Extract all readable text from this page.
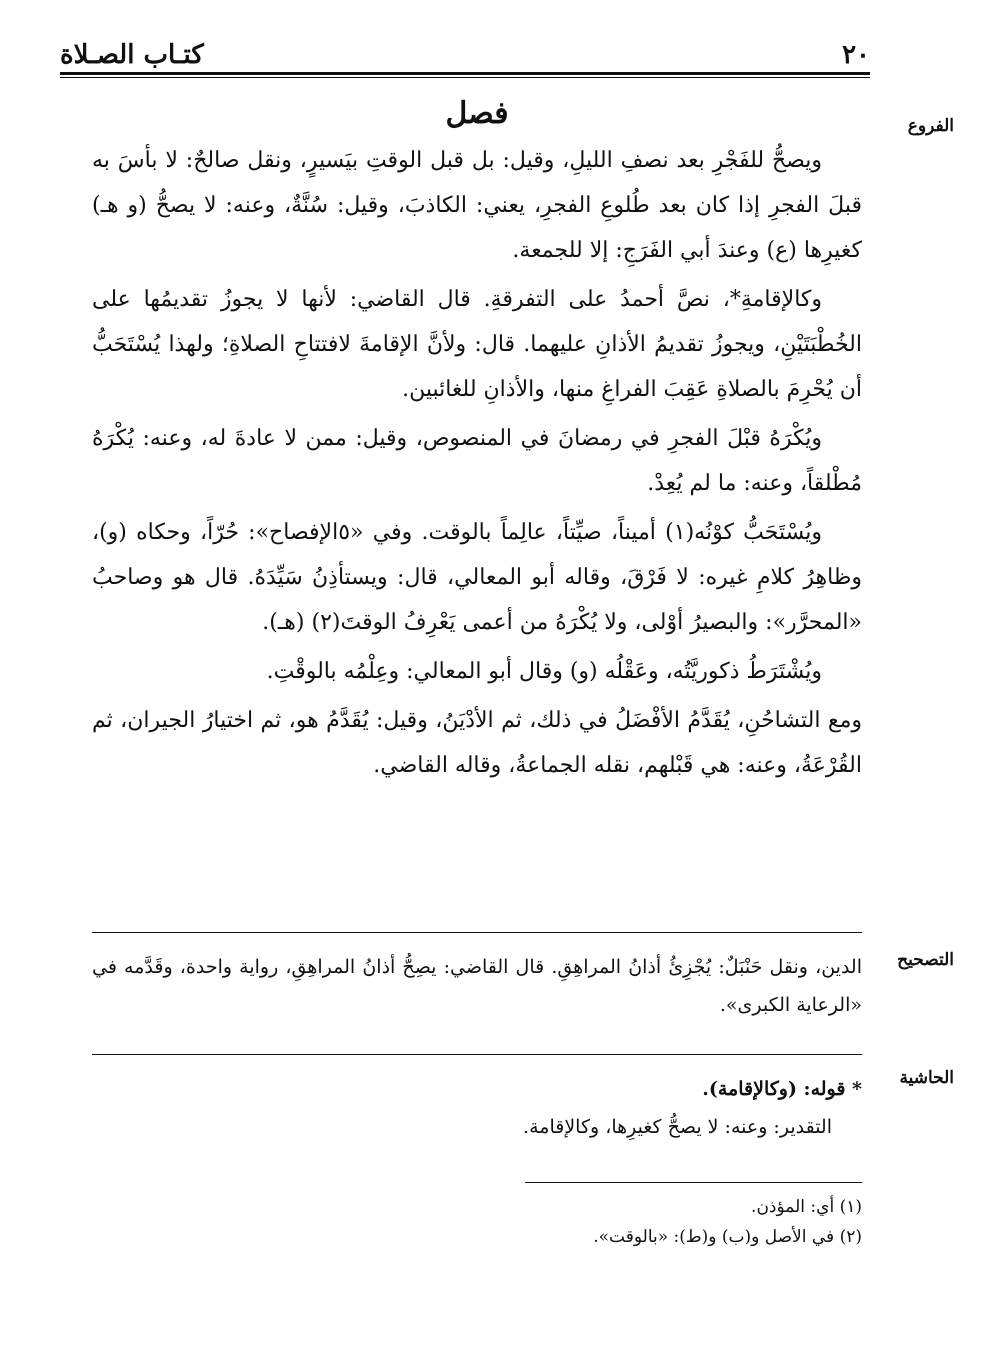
٢٠
كتـاب الصـلاة
الفروع
فصل

ويصحُّ للفَجْرِ بعد نصفِ الليلِ، وقيل: بل قبل الوقتِ بيَسيرٍ، ونقل صالحٌ: لا بأسَ به قبلَ الفجرِ إذا كان بعد طُلوعِ الفجرِ، يعني: الكاذبَ، وقيل: سُنَّةٌ، وعنه: لا يصحُّ (و هـ) كغيرِها (ع) وعندَ أبي الفَرَجِ: إلا للجمعة.

وكالإقامةِ*، نصَّ أحمدُ على التفرقةِ. قال القاضي: لأنها لا يجوزُ تقديمُها على الخُطْبَتَيْنِ، ويجوزُ تقديمُ الأذانِ عليهما. قال: ولأنَّ الإقامةَ لافتتاحِ الصلاةِ؛ ولهذا يُسْتَحَبُّ أن يُحْرِمَ بالصلاةِ عَقِبَ الفراغِ منها، والأذانِ للغائبين.

ويُكْرَهُ قبْلَ الفجرِ في رمضانَ في المنصوص، وقيل: ممن لا عادةَ له، وعنه: يُكْرَهُ مُطْلقاً، وعنه: ما لم يُعِدْ.

ويُسْتَحَبُّ كوْنُه(١) أميناً، صيِّتاً، عالِماً بالوقت. وفي «٥الإفصاح»: حُرّاً، وحكاه (و)، وظاهِرُ كلامِ غيره: لا فَرْقَ، وقاله أبو المعالي، قال: ويستأذِنُ سَيِّدَهُ. قال هو وصاحبُ «المحرَّر»: والبصيرُ أوْلى، ولا يُكْرَهُ من أعمى يَعْرِفُ الوقتَ(٢) (هـ).

ويُشْتَرَطُ ذكوريَّتُه، وعَقْلُه (و) وقال أبو المعالي: وعِلْمُه بالوقْتِ.

ومع التشاحُنِ، يُقَدَّمُ الأفْضَلُ في ذلك، ثم الأدْيَنُ، وقيل: يُقَدَّمُ هو، ثم اختيارُ الجيران، ثم القُرْعَةُ، وعنه: هي قَبْلهم، نقله الجماعةُ، وقاله القاضي.

التصحيح
الدين، ونقل حَنْبَلٌ: يُجْزِئُ أذانُ المراهِقِ. قال القاضي: يصِحُّ أذانُ المراهِقِ، رواية واحدة، وقَدَّمه في «الرعاية الكبرى».
الحاشية
* قوله: (وكالإقامة).
التقدير: وعنه: لا يصحُّ كغيرِها، وكالإقامة.
(١) أي: المؤذن.
(٢) في الأصل و(ب) و(ط): «بالوقت».
